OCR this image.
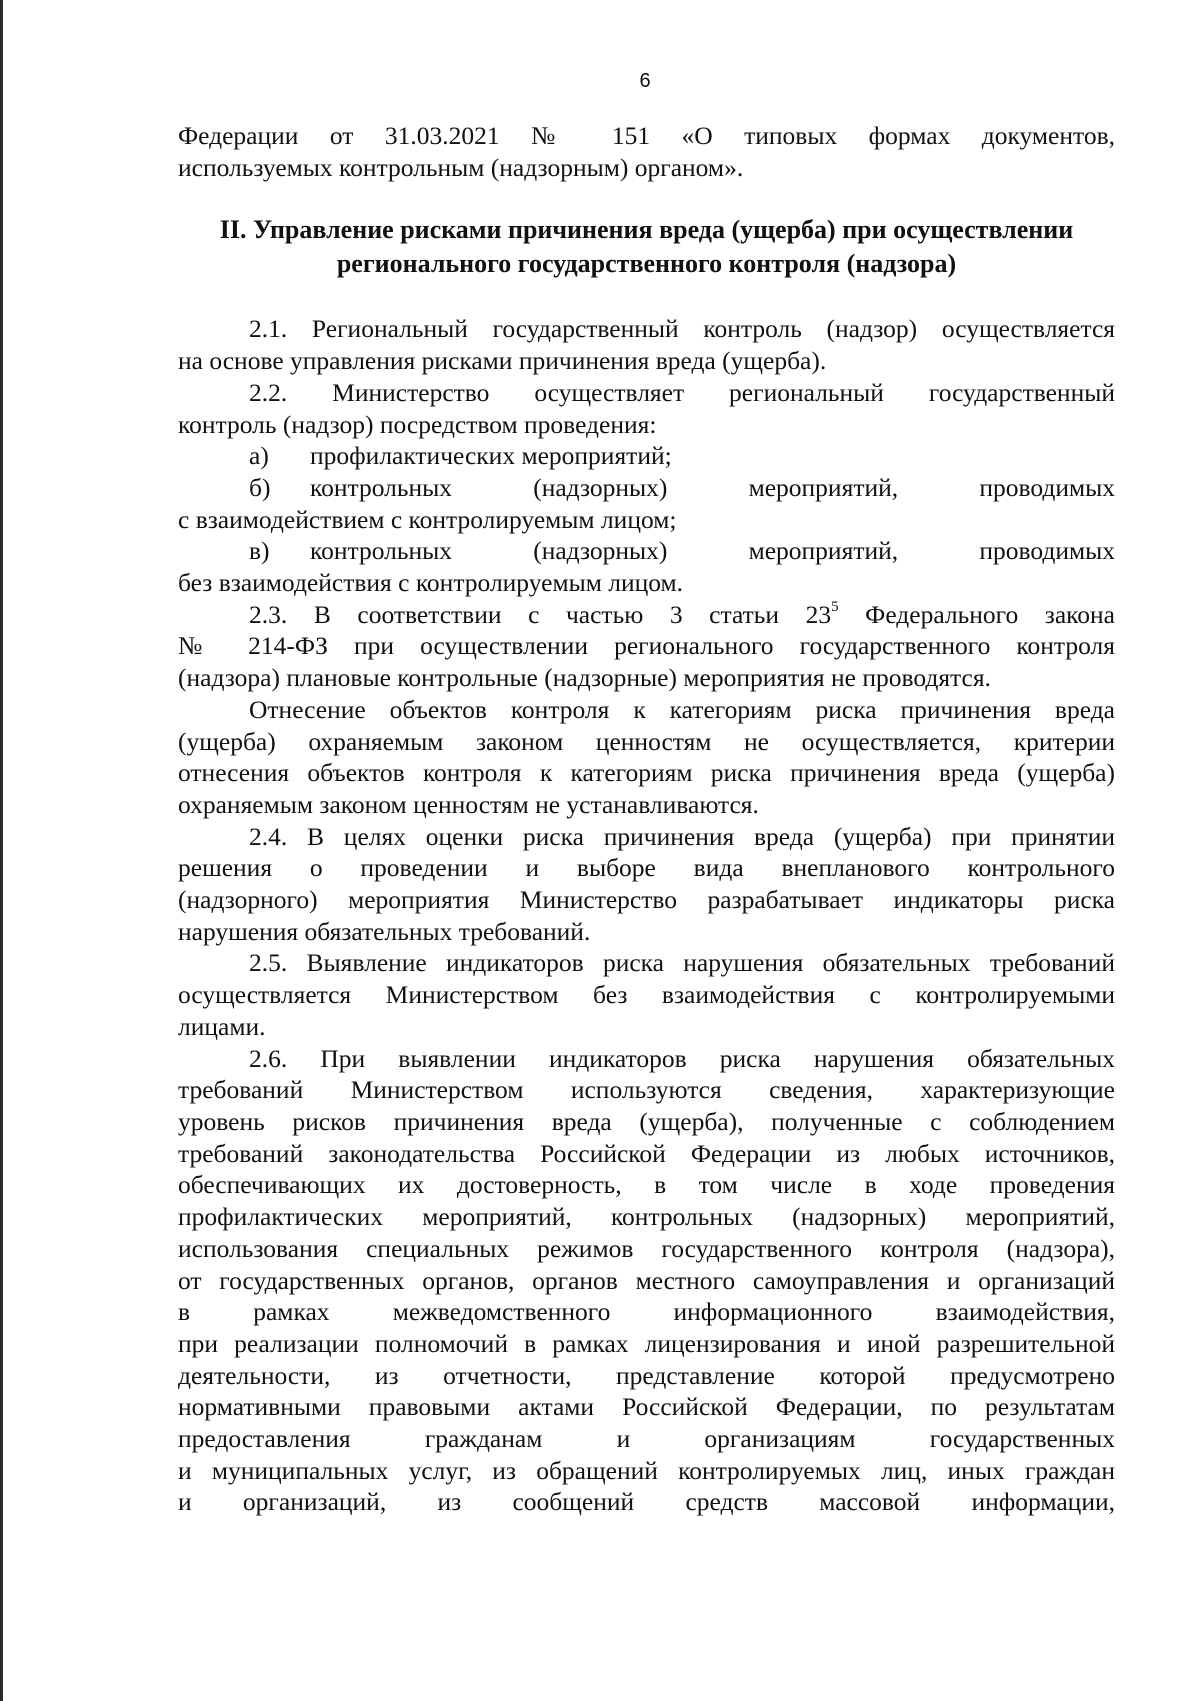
6
Федерации от 31.03.2021 № 151 «О типовых формах документов,
используемых контрольным (надзорным) органом».
II. Управление рисками причинения вреда (ущерба) при осуществлении
регионального государственного контроля (надзора)
2.1. Региональный государственный контроль (надзор) осуществляется
на основе управления рисками причинения вреда (ущерба).
2.2. Министерство осуществляет региональный государственный
контроль (надзор) посредством проведения:
а)	профилактических мероприятий;
б)	контрольных (надзорных) мероприятий, проводимых
с взаимодействием с контролируемым лицом;
в)	контрольных (надзорных) мероприятий, проводимых
без взаимодействия с контролируемым лицом.
2.3. В соответствии с частью 3 статьи $23^5$ Федерального закона
№ 214-ФЗ при осуществлении регионального государственного контроля
(надзора) плановые контрольные (надзорные) мероприятия не проводятся.
Отнесение объектов контроля к категориям риска причинения вреда
(ущерба) охраняемым законом ценностям не осуществляется, критерии
отнесения объектов контроля к категориям риска причинения вреда (ущерба)
охраняемым законом ценностям не устанавливаются.
2.4. В целях оценки риска причинения вреда (ущерба) при принятии
решения о проведении и выборе вида внепланового контрольного
(надзорного) мероприятия Министерство разрабатывает индикаторы риска
нарушения обязательных требований.
2.5. Выявление индикаторов риска нарушения обязательных требований
осуществляется Министерством без взаимодействия с контролируемыми
лицами.
2.6. При выявлении индикаторов риска нарушения обязательных
требований Министерством используются сведения, характеризующие
уровень рисков причинения вреда (ущерба), полученные с соблюдением
требований законодательства Российской Федерации из любых источников,
обеспечивающих их достоверность, в том числе в ходе проведения
профилактических мероприятий, контрольных (надзорных) мероприятий,
использования специальных режимов государственного контроля (надзора),
от государственных органов, органов местного самоуправления и организаций
в рамках межведомственного информационного взаимодействия,
при реализации полномочий в рамках лицензирования и иной разрешительной
деятельности, из отчетности, представление которой предусмотрено
нормативными правовыми актами Российской Федерации, по результатам
предоставления гражданам и организациям государственных
и муниципальных услуг, из обращений контролируемых лиц, иных граждан
и организаций, из сообщений средств массовой информации,
